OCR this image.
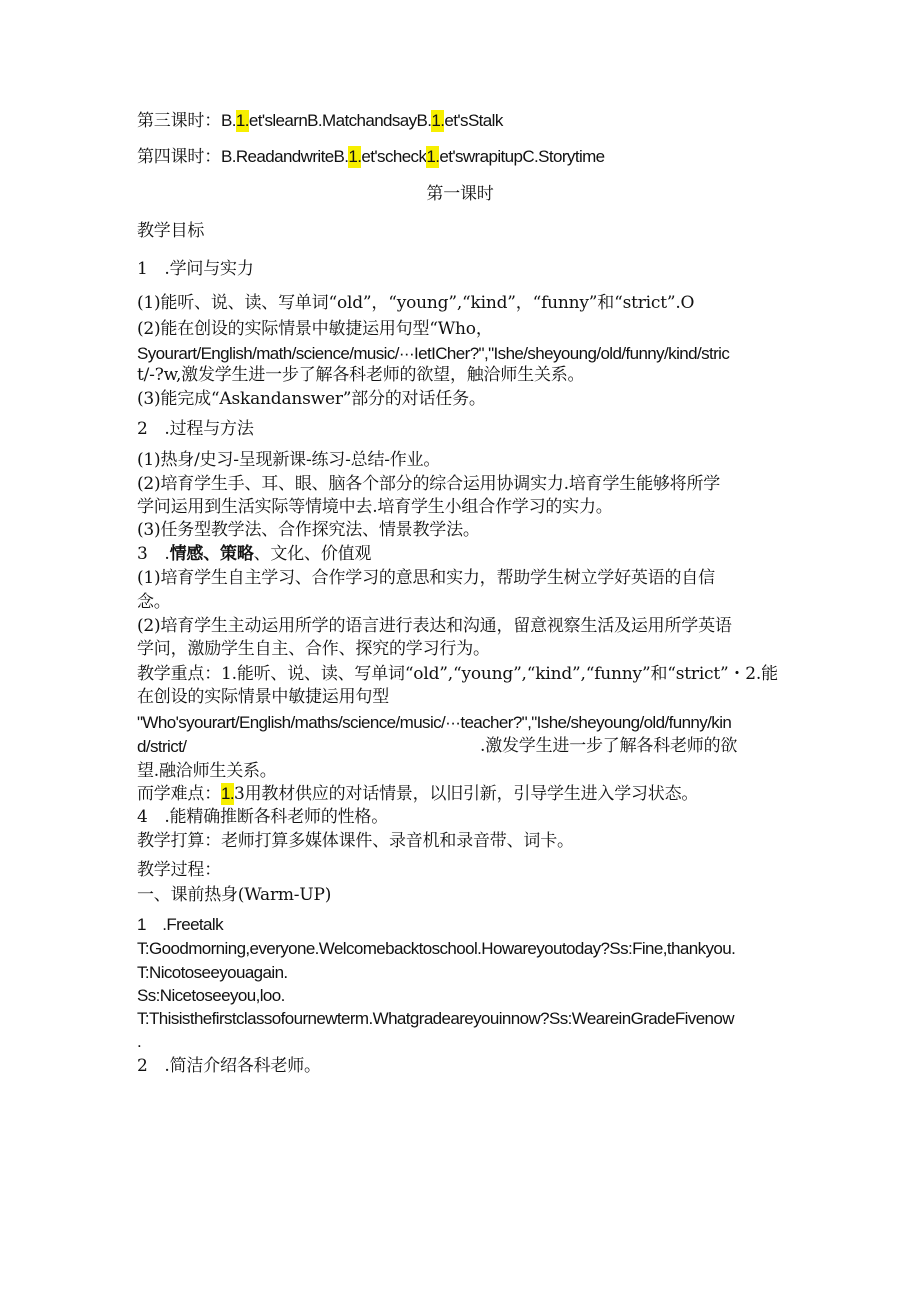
第三课时：B.1.et'slearnB.MatchandsayB.1.et'sStalk
第四课时：B.ReadandwriteB.1.et'scheck1.et'swrapitupC.Storytime
第一课时
教学目标
1　.学问与实力
(1)能听、说、读、写单词“old”，“young”,“kind”，“funny”和“strict”.O
(2)能在创设的实际情景中敏捷运用句型“Who，
Syourart/English/math/science/music/···IetICher?","Ishe/sheyoung/old/funny/kind/stric
t/-?w,激发学生进一步了解各科老师的欲望，触洽师生关系。
(3)能完成“Askandanswer”部分的对话任务。
2　.过程与方法
(1)热身/史习-呈现新课-练习-总结-作业。
(2)培育学生手、耳、眼、脑各个部分的综合运用协调实力.培育学生能够将所学
学问运用到生活实际等情境中去.培育学生小组合作学习的实力。
(3)任务型教学法、合作探究法、情景教学法。
3　.情感、策略、文化、价值观
(1)培育学生自主学习、合作学习的意思和实力，帮助学生树立学好英语的自信
念。
(2)培育学生主动运用所学的语言进行表达和沟通，留意视察生活及运用所学英语
学问，激励学生自主、合作、探究的学习行为。
教学重点：1.能听、说、读、写单词“old”,“young”,“kind”,“funny”和“strict”・2.能
在创设的实际情景中敏捷运用句型
"Who'syourart/English/maths/science/music/···teacher?","Ishe/sheyoung/old/funny/kin
d/strict/	.激发学生进一步了解各科老师的欲
望.融洽师生关系。
而学难点：1.3用教材供应的对话情景，以旧引新，引导学生进入学习状态。
4　.能精确推断各科老师的性格。
教学打算：老师打算多媒体课件、录音机和录音带、词卡。
教学过程：
一、课前热身(Warm-UP)
1　.Freetalk
T:Goodmorning,everyone.Welcomebacktoschool.Howareyoutoday?Ss:Fine,thankyou.
T:Nicotoseeyouagain.
Ss:Nicetoseeyou,loo.
T:Thisisthefirstclassofournewterm.Whatgradeareyouinnow?Ss:WeareinGradeFivenow
.
2　.简洁介绍各科老师。
